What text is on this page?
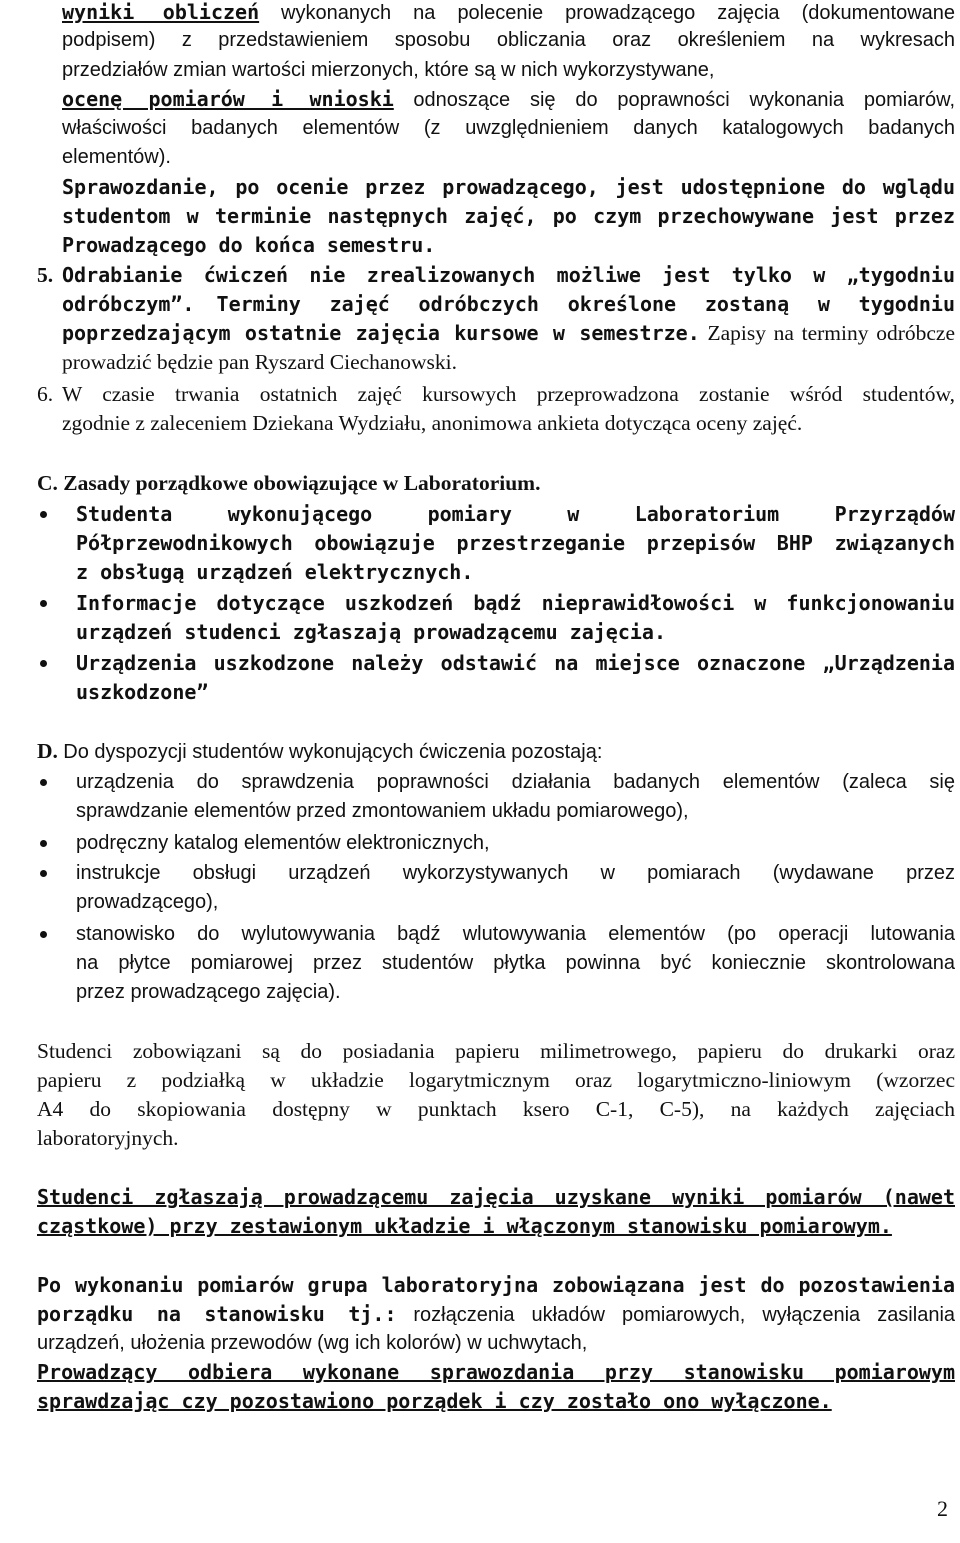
wyniki obliczeń wykonanych na polecenie prowadzącego zajęcia (dokumentowane
podpisem) z przedstawieniem sposobu obliczania oraz określeniem na wykresach
przedziałów zmian wartości mierzonych, które są w nich wykorzystywane,
ocenę pomiarów i wnioski odnoszące się do poprawności wykonania pomiarów,
właściwości badanych elementów (z uwzględnieniem danych katalogowych badanych
elementów).
Sprawozdanie, po ocenie przez prowadzącego, jest udostępnione do wglądu
studentom w terminie następnych zajęć, po czym przechowywane jest przez
Prowadzącego do końca semestru.
5. Odrabianie ćwiczeń nie zrealizowanych możliwe jest tylko w „tygodniu
odróbczym”. Terminy zajęć odróbczych określone zostaną w tygodniu
poprzedzającym ostatnie zajęcia kursowe w semestrze. Zapisy na terminy odróbcze
prowadzić będzie pan Ryszard Ciechanowski.
6. W czasie trwania ostatnich zajęć kursowych przeprowadzona zostanie wśród studentów,
zgodnie z zaleceniem Dziekana Wydziału, anonimowa ankieta dotycząca oceny zajęć.
C. Zasady porządkowe obowiązujące w Laboratorium.
Studenta wykonującego pomiary w Laboratorium Przyrządów
Półprzewodnikowych obowiązuje przestrzeganie przepisów BHP związanych
z obsługą urządzeń elektrycznych.
Informacje dotyczące uszkodzeń bądź nieprawidłowości w funkcjonowaniu
urządzeń studenci zgłaszają prowadzącemu zajęcia.
Urządzenia uszkodzone należy odstawić na miejsce oznaczone „Urządzenia
uszkodzone”
D. Do dyspozycji studentów wykonujących ćwiczenia pozostają:
urządzenia do sprawdzenia poprawności działania badanych elementów (zaleca się
sprawdzanie elementów przed zmontowaniem układu pomiarowego),
podręczny katalog elementów elektronicznych,
instrukcje obsługi urządzeń wykorzystywanych w pomiarach (wydawane przez
prowadzącego),
stanowisko do wylutowywania bądź wlutowywania elementów (po operacji lutowania
na płytce pomiarowej przez studentów płytka powinna być koniecznie skontrolowana
przez prowadzącego zajęcia).
Studenci zobowiązani są do posiadania papieru milimetrowego, papieru do drukarki oraz
papieru z podziałką w układzie logarytmicznym oraz logarytmiczno-liniowym (wzorzec
A4 do skopiowania dostępny w punktach ksero C-1, C-5), na każdych zajęciach
laboratoryjnych.
Studenci zgłaszają prowadzącemu zajęcia uzyskane wyniki pomiarów (nawet
cząstkowe) przy zestawionym układzie i włączonym stanowisku pomiarowym.
Po wykonaniu pomiarów grupa laboratoryjna zobowiązana jest do pozostawienia
porządku na stanowisku tj.: rozłączenia układów pomiarowych, wyłączenia zasilania
urządzeń, ułożenia przewodów (wg ich kolorów) w uchwytach,
Prowadzący odbiera wykonane sprawozdania przy stanowisku pomiarowym
sprawdzając czy pozostawiono porządek i czy zostało ono wyłączone.
2
